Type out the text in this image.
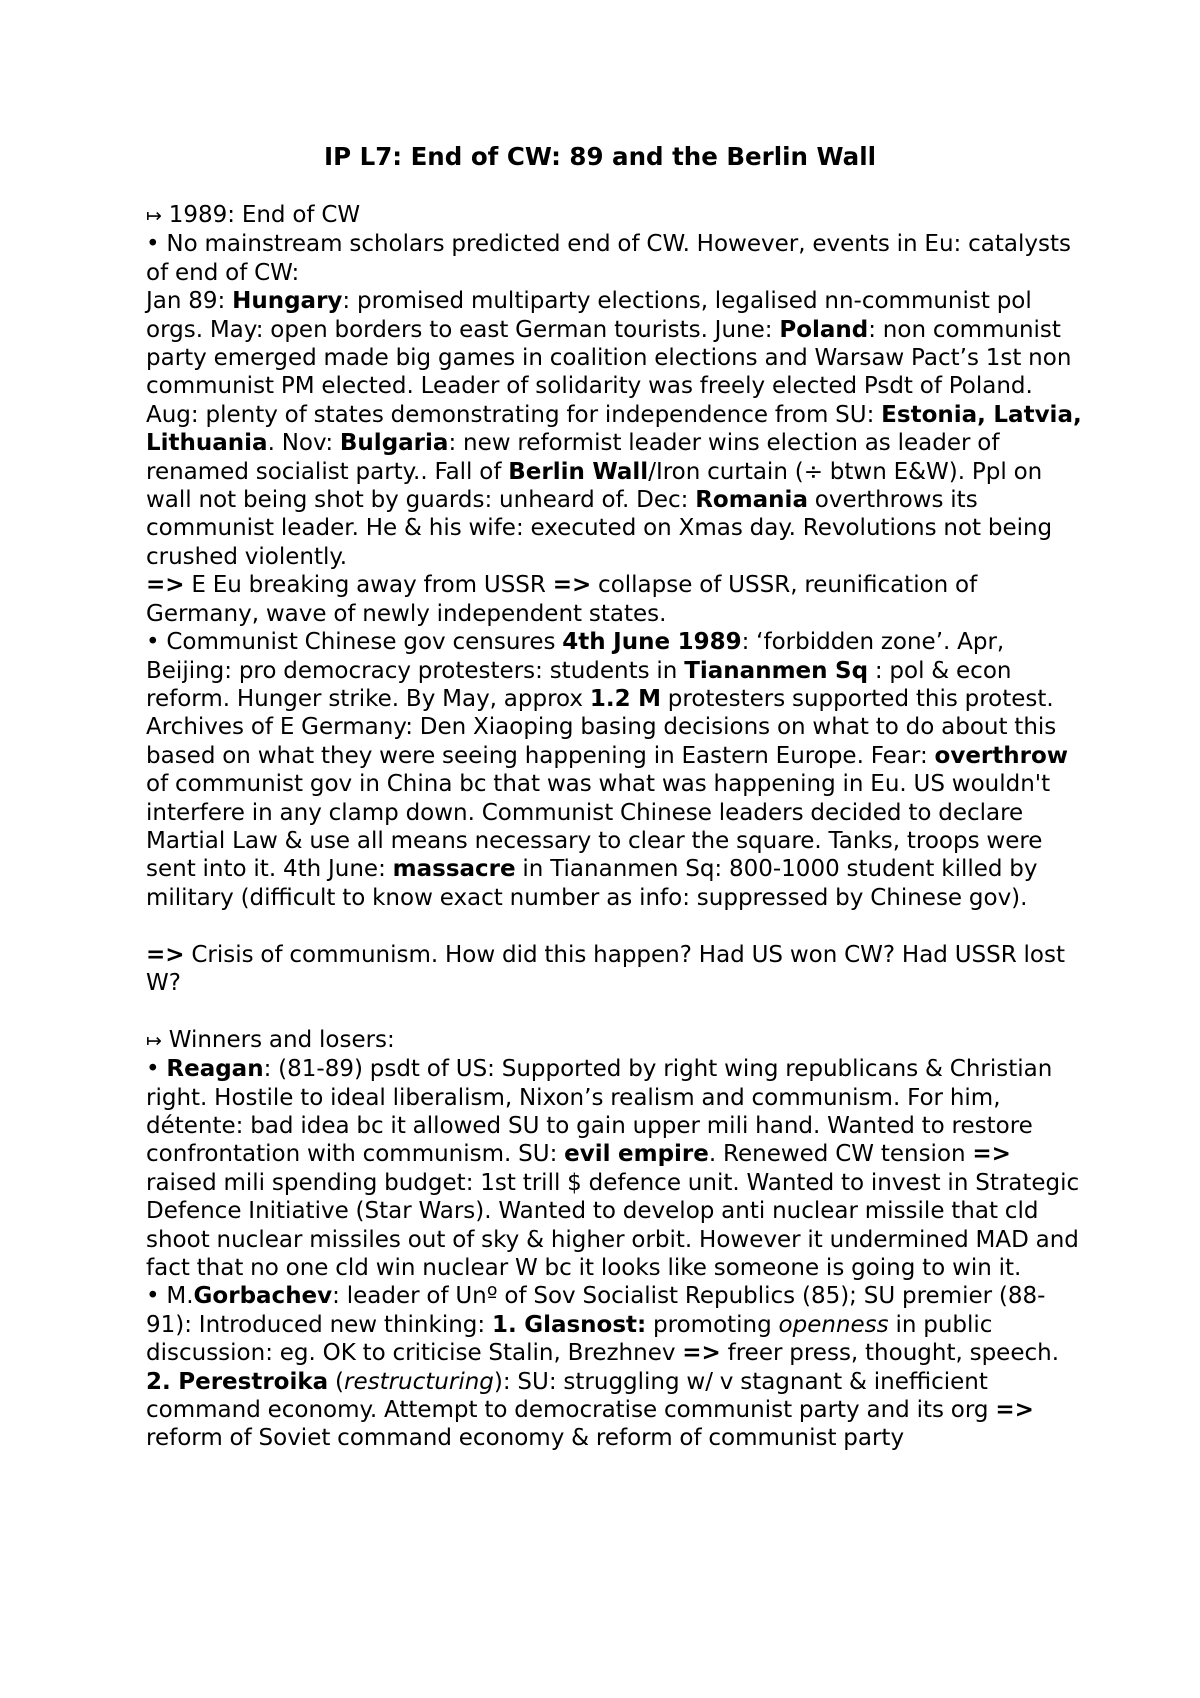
IP L7: End of CW: 89 and the Berlin Wall

↦ 1989: End of CW

• No mainstream scholars predicted end of CW. However, events in Eu: catalysts of end of CW:

Jan 89: Hungary: promised multiparty elections, legalised nn-communist pol orgs. May: open borders to east German tourists. June: Poland: non communist party emerged made big games in coalition elections and Warsaw Pact’s 1st non communist PM elected. Leader of solidarity was freely elected Psdt of Poland. Aug: plenty of states demonstrating for independence from SU: Estonia, Latvia, Lithuania. Nov: Bulgaria: new reformist leader wins election as leader of renamed socialist party.. Fall of Berlin Wall/Iron curtain (÷ btwn E&W). Ppl on wall not being shot by guards: unheard of. Dec: Romania overthrows its communist leader. He & his wife: executed on Xmas day. Revolutions not being crushed violently.

=> E Eu breaking away from USSR => collapse of USSR, reunification of Germany, wave of newly independent states.

• Communist Chinese gov censures 4th June 1989: ‘forbidden zone’. Apr, Beijing: pro democracy protesters: students in Tiananmen Sq : pol & econ reform. Hunger strike. By May, approx 1.2 M protesters supported this protest. Archives of E Germany: Den Xiaoping basing decisions on what to do about this based on what they were seeing happening in Eastern Europe. Fear: overthrow of communist gov in China bc that was what was happening in Eu. US wouldn't interfere in any clamp down. Communist Chinese leaders decided to declare Martial Law & use all means necessary to clear the square. Tanks, troops were sent into it. 4th June: massacre in Tiananmen Sq: 800-1000 student killed by military (difficult to know exact number as info: suppressed by Chinese gov).

=> Crisis of communism. How did this happen? Had US won CW? Had USSR lost W?

↦ Winners and losers:

• Reagan: (81-89) psdt of US: Supported by right wing republicans & Christian right. Hostile to ideal liberalism, Nixon’s realism and communism. For him, détente: bad idea bc it allowed SU to gain upper mili hand. Wanted to restore confrontation with communism. SU: evil empire. Renewed CW tension => raised mili spending budget: 1st trill $ defence unit. Wanted to invest in Strategic Defence Initiative (Star Wars). Wanted to develop anti nuclear missile that cld shoot nuclear missiles out of sky & higher orbit. However it undermined MAD and fact that no one cld win nuclear W bc it looks like someone is going to win it.

• M.Gorbachev: leader of Unº of Sov Socialist Republics (85); SU premier (88-91): Introduced new thinking: 1. Glasnost: promoting openness in public discussion: eg. OK to criticise Stalin, Brezhnev => freer press, thought, speech.

2. Perestroika (restructuring): SU: struggling w/ v stagnant & inefficient command economy. Attempt to democratise communist party and its org => reform of Soviet command economy & reform of communist party
